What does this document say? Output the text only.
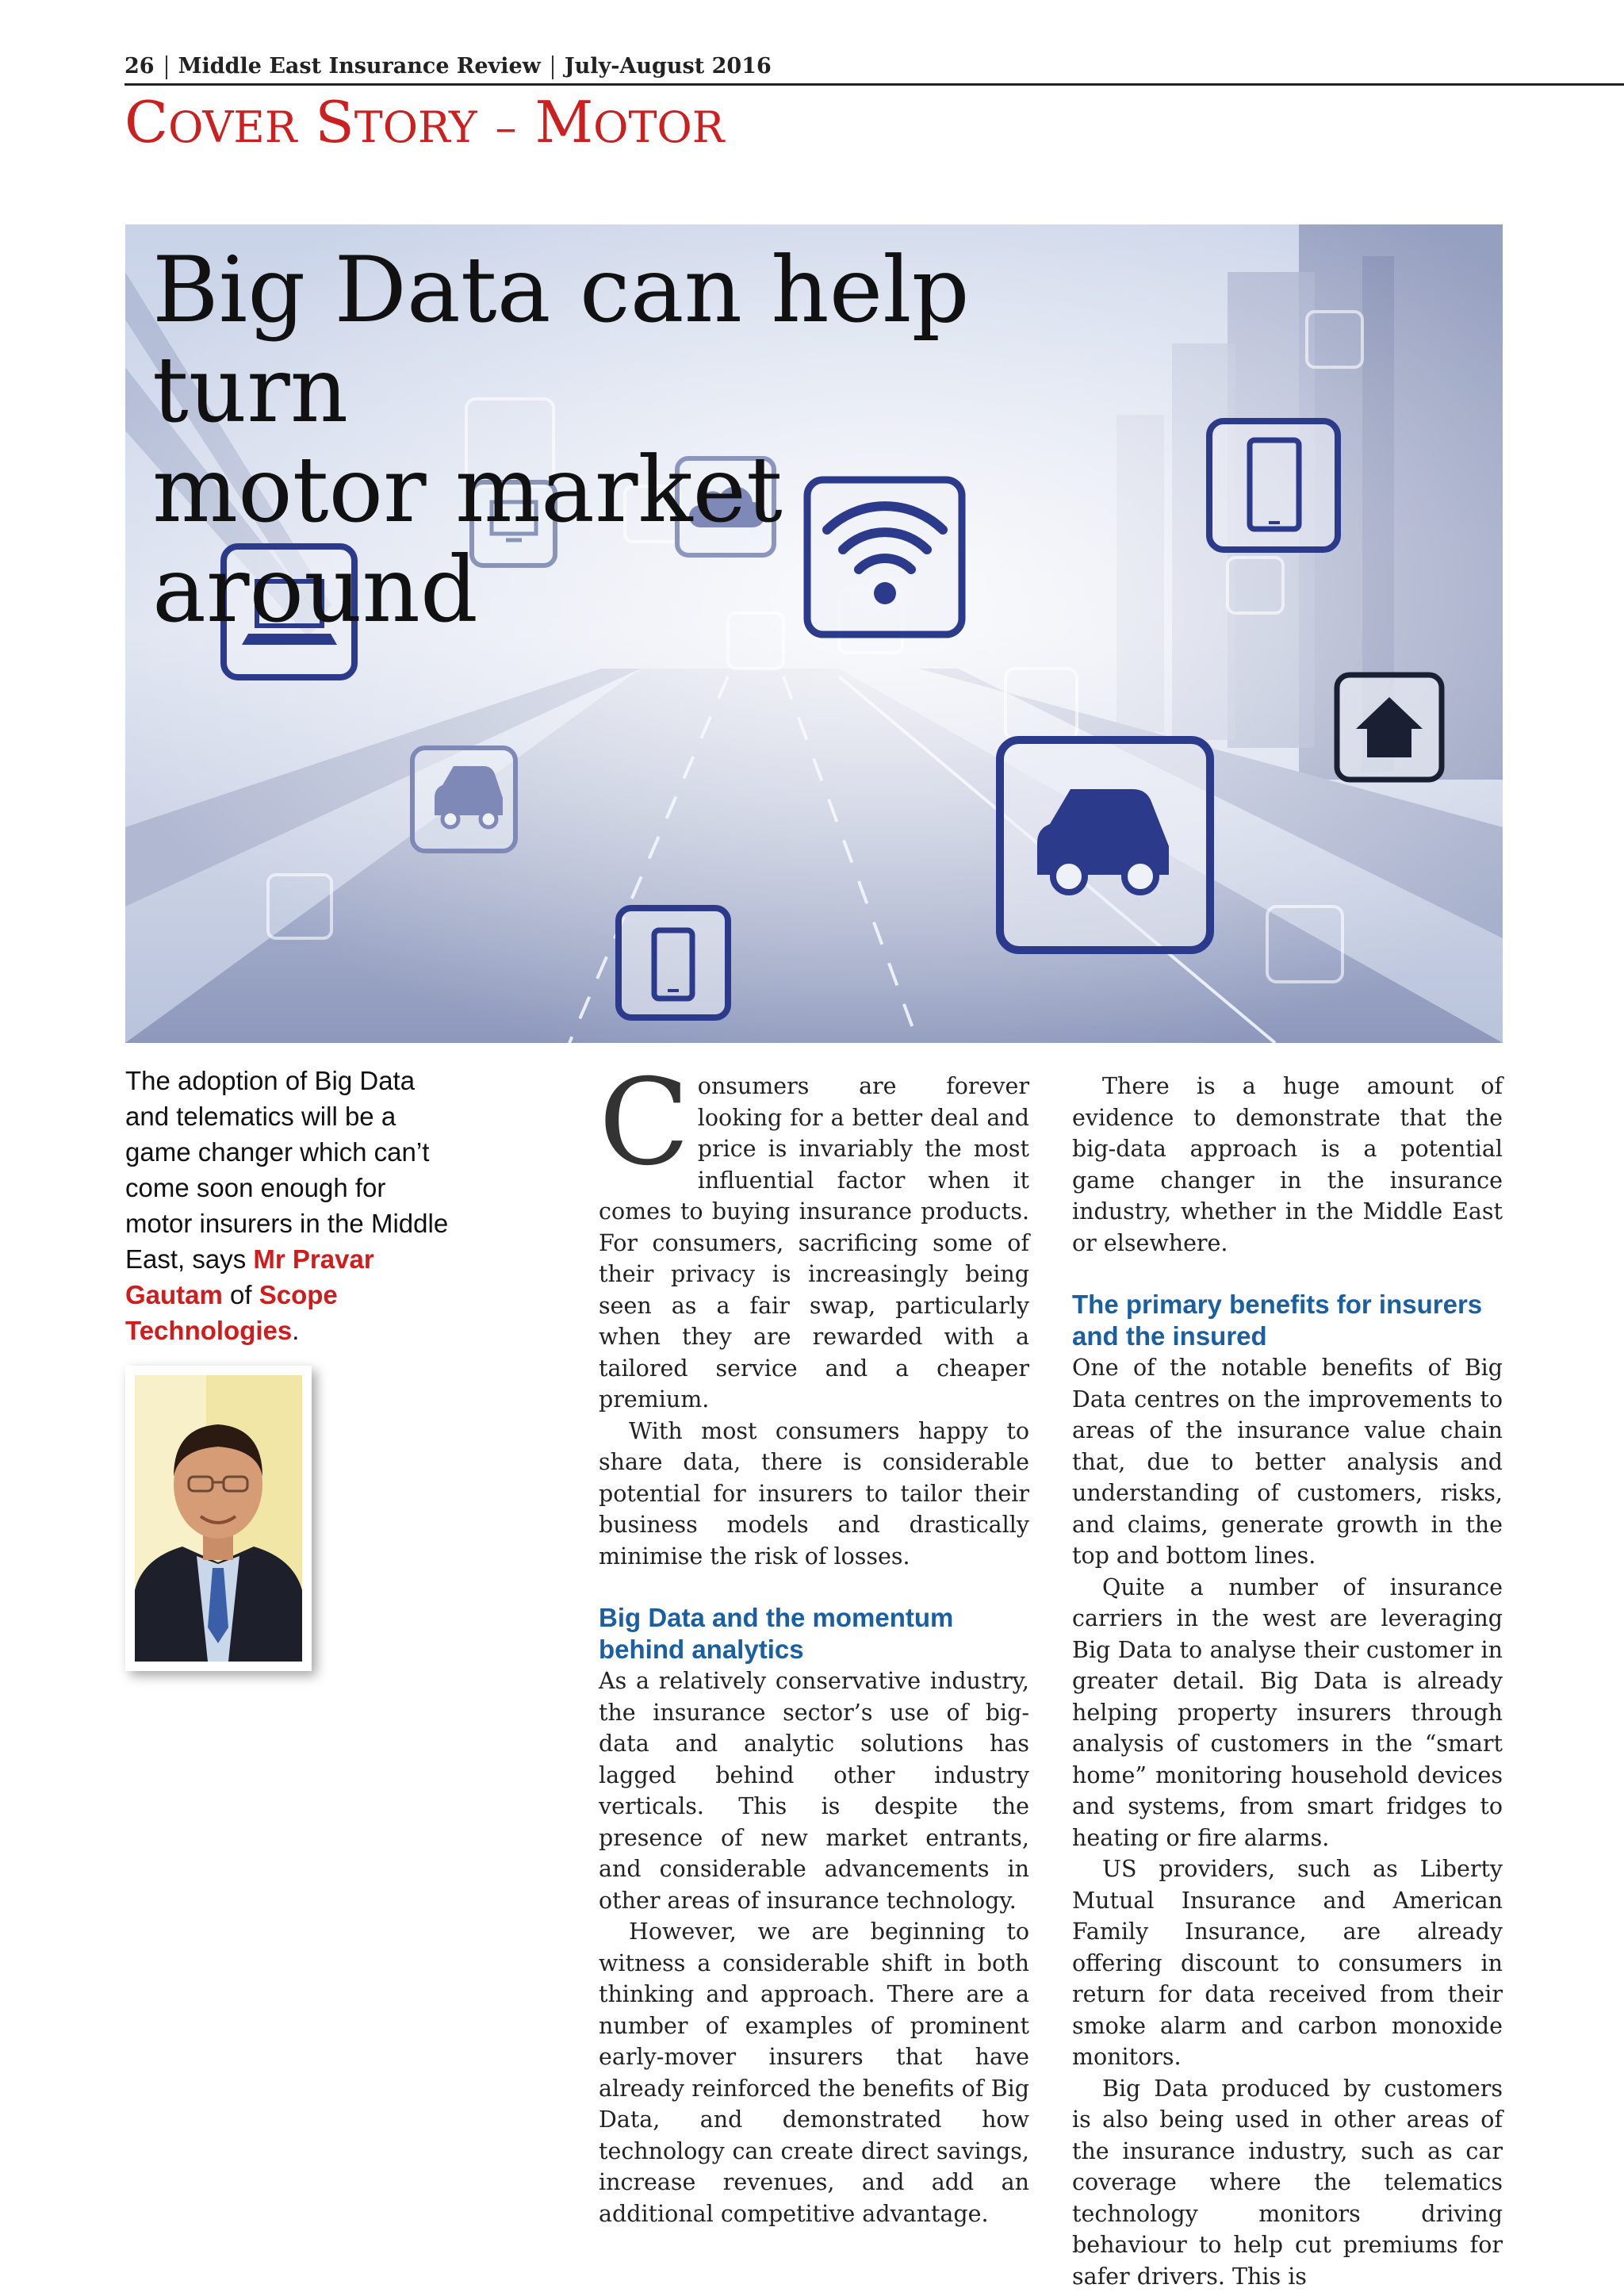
26 Middle East Insurance Review July-August 2016
COVER STORY – MOTOR
Big Data can help turn
motor market around
The adoption of Big Data and telematics will be a game changer which can’t come soon enough for motor insurers in the Middle East, says Mr Pravar Gautam of Scope Technologies.

Consumers are forever looking for a better deal and price is invariably the most influential factor when it comes to buying insurance products. For consumers, sacrificing some of their privacy is increasingly being seen as a fair swap, particularly when they are rewarded with a tailored service and a cheaper premium.

With most consumers happy to share data, there is considerable potential for insurers to tailor their business models and drastically minimise the risk of losses.

Big Data and the momentum behind analytics

As a relatively conservative industry, the insurance sector’s use of big-data and analytic solutions has lagged behind other industry verticals. This is despite the presence of new market entrants, and considerable advancements in other areas of insurance technology.

However, we are beginning to witness a considerable shift in both thinking and approach. There are a number of examples of prominent early-mover insurers that have already reinforced the benefits of Big Data, and demonstrated how technology can create direct savings, increase revenues, and add an additional competitive advantage.

There is a huge amount of evidence to demonstrate that the big-data approach is a potential game changer in the insurance industry, whether in the Middle East or elsewhere.

The primary benefits for insurers and the insured

One of the notable benefits of Big Data centres on the improvements to areas of the insurance value chain that, due to better analysis and understanding of customers, risks, and claims, generate growth in the top and bottom lines.

Quite a number of insurance carriers in the west are leveraging Big Data to analyse their customer in greater detail. Big Data is already helping property insurers through analysis of customers in the “smart home” monitoring household devices and systems, from smart fridges to heating or fire alarms.

US providers, such as Liberty Mutual Insurance and American Family Insurance, are already offering discount to consumers in return for data received from their smoke alarm and carbon monoxide monitors.

Big Data produced by customers is also being used in other areas of the insurance industry, such as car coverage where the telematics technology monitors driving behaviour to help cut premiums for safer drivers. This is
